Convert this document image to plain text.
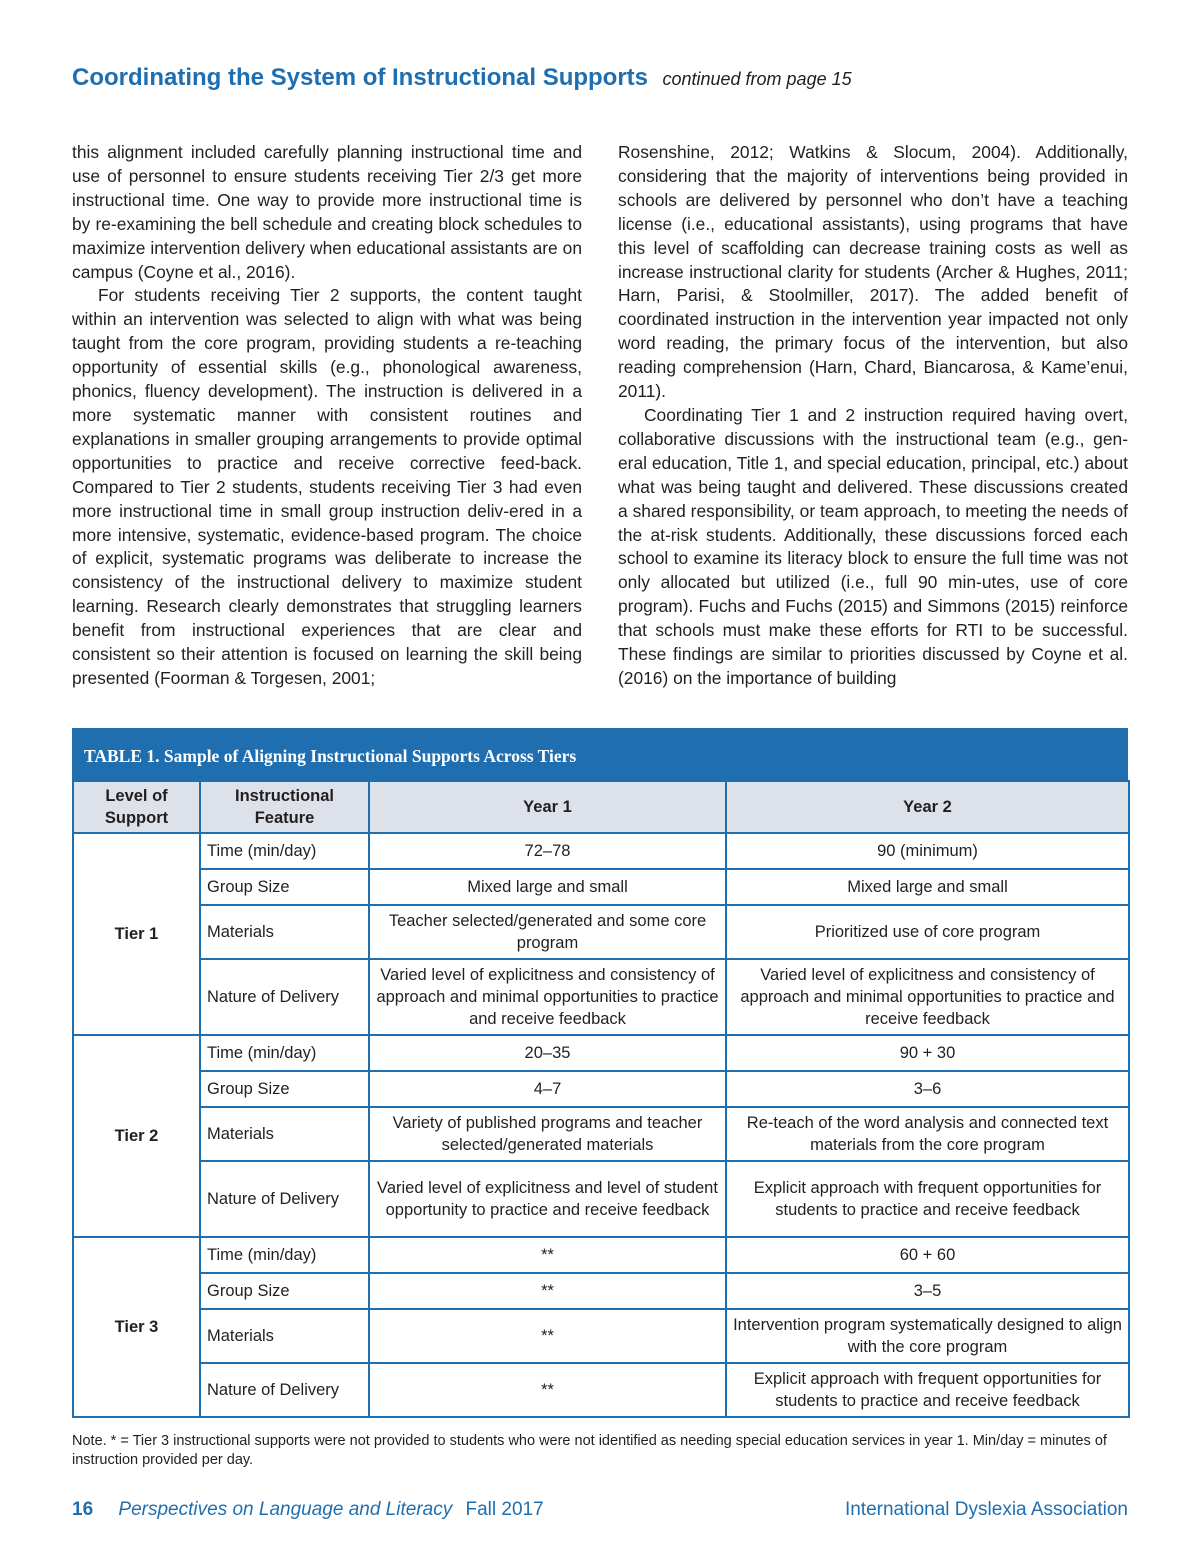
Coordinating the System of Instructional Supports continued from page 15

this alignment included carefully planning instructional time and use of personnel to ensure students receiving Tier 2/3 get more instructional time. One way to provide more instructional time is by re-examining the bell schedule and creating block schedules to maximize intervention delivery when educational assistants are on campus (Coyne et al., 2016).

For students receiving Tier 2 supports, the content taught within an intervention was selected to align with what was being taught from the core program, providing students a re-teaching opportunity of essential skills (e.g., phonological awareness, phonics, fluency development). The instruction is delivered in a more systematic manner with consistent routines and explanations in smaller grouping arrangements to provide optimal opportunities to practice and receive corrective feed-back. Compared to Tier 2 students, students receiving Tier 3 had even more instructional time in small group instruction deliv-ered in a more intensive, systematic, evidence-based program. The choice of explicit, systematic programs was deliberate to increase the consistency of the instructional delivery to maximize student learning. Research clearly demonstrates that struggling learners benefit from instructional experiences that are clear and consistent so their attention is focused on learning the skill being presented (Foorman & Torgesen, 2001;

Rosenshine, 2012; Watkins & Slocum, 2004). Additionally, considering that the majority of interventions being provided in schools are delivered by personnel who don’t have a teaching license (i.e., educational assistants), using programs that have this level of scaffolding can decrease training costs as well as increase instructional clarity for students (Archer & Hughes, 2011; Harn, Parisi, & Stoolmiller, 2017). The added benefit of coordinated instruction in the intervention year impacted not only word reading, the primary focus of the intervention, but also reading comprehension (Harn, Chard, Biancarosa, & Kame’enui, 2011).

Coordinating Tier 1 and 2 instruction required having overt, collaborative discussions with the instructional team (e.g., gen-eral education, Title 1, and special education, principal, etc.) about what was being taught and delivered. These discussions created a shared responsibility, or team approach, to meeting the needs of the at-risk students. Additionally, these discussions forced each school to examine its literacy block to ensure the full time was not only allocated but utilized (i.e., full 90 min-utes, use of core program). Fuchs and Fuchs (2015) and Simmons (2015) reinforce that schools must make these efforts for RTI to be successful. These findings are similar to priorities discussed by Coyne et al. (2016) on the importance of building

TABLE 1. Sample of Aligning Instructional Supports Across Tiers
Level of Support	Instructional Feature	Year 1	Year 2
Tier 1	Time (min/day)	72–78	90 (minimum)
	Group Size	Mixed large and small	Mixed large and small
	Materials	Teacher selected/generated and some core program	Prioritized use of core program
	Nature of Delivery	Varied level of explicitness and consistency of approach and minimal opportunities to practice and receive feedback	Varied level of explicitness and consistency of approach and minimal opportunities to practice and receive feedback
Tier 2	Time (min/day)	20–35	90 + 30
	Group Size	4–7	3–6
	Materials	Variety of published programs and teacher selected/generated materials	Re-teach of the word analysis and connected text materials from the core program
	Nature of Delivery	Varied level of explicitness and level of student opportunity to practice and receive feedback	Explicit approach with frequent opportunities for students to practice and receive feedback
Tier 3	Time (min/day)	**	60 + 60
	Group Size	**	3–5
	Materials	**	Intervention program systematically designed to align with the core program
	Nature of Delivery	**	Explicit approach with frequent opportunities for students to practice and receive feedback
Note. * = Tier 3 instructional supports were not provided to students who were not identified as needing special education services in year 1. Min/day = minutes of instruction provided per day.
16 Perspectives on Language and Literacy Fall 2017	International Dyslexia Association
